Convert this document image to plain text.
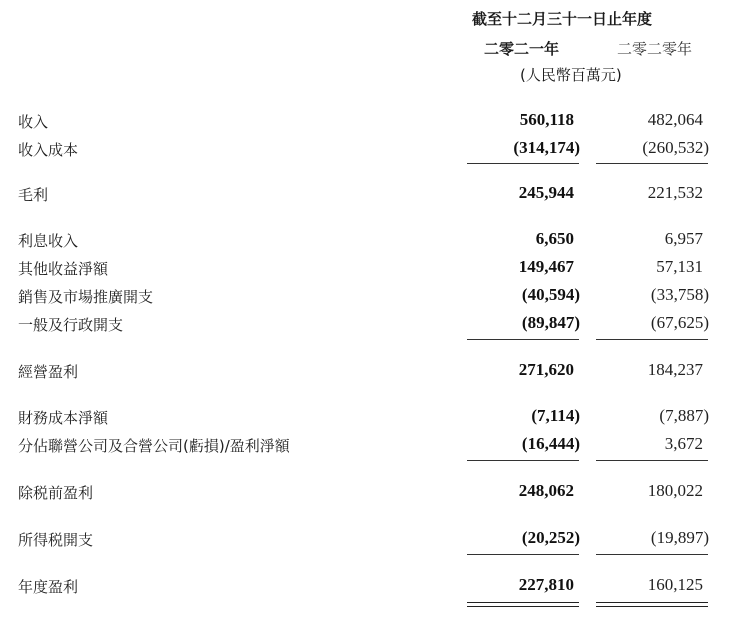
截至十二月三十一日止年度
二零二一年	二零二零年
(人民幣百萬元)
收入	560,118	482,064
收入成本	(314,174)	(260,532)
毛利	245,944	221,532
利息收入	6,650	6,957
其他收益淨額	149,467	57,131
銷售及市場推廣開支	(40,594)	(33,758)
一般及行政開支	(89,847)	(67,625)
經營盈利	271,620	184,237
財務成本淨額	(7,114)	(7,887)
分佔聯營公司及合營公司(虧損)/盈利淨額	(16,444)	3,672
除税前盈利	248,062	180,022
所得税開支	(20,252)	(19,897)
年度盈利	227,810	160,125
